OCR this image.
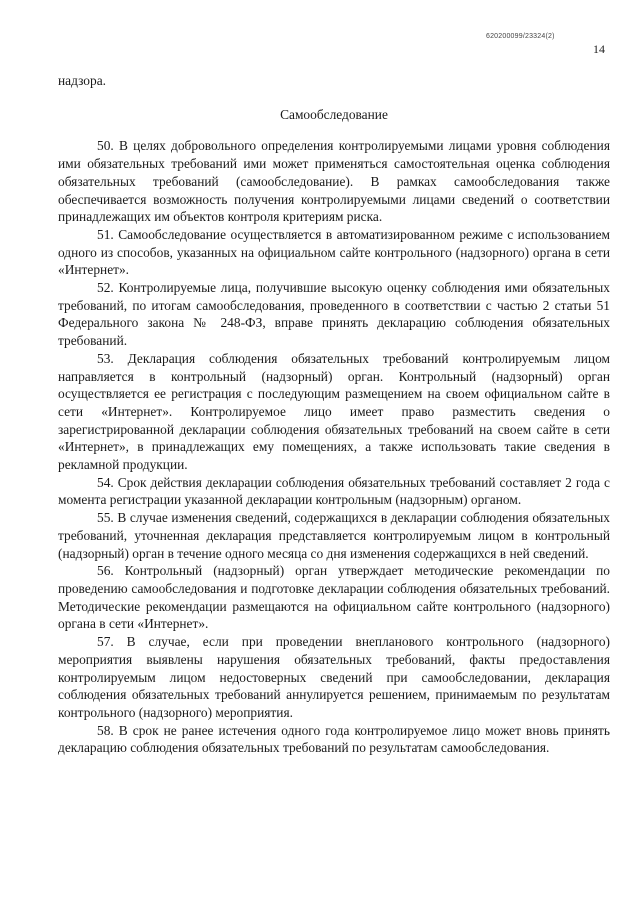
620200099/23324(2)
14

надзора.

Самообследование

50. В целях добровольного определения контролируемыми лицами уровня соблюдения ими обязательных требований ими может применяться самостоятельная оценка соблюдения обязательных требований (самообследование). В рамках самообследования также обеспечивается возможность получения контролируемыми лицами сведений о соответствии принадлежащих им объектов контроля критериям риска.

51. Самообследование осуществляется в автоматизированном режиме с использованием одного из способов, указанных на официальном сайте контрольного (надзорного) органа в сети «Интернет».

52. Контролируемые лица, получившие высокую оценку соблюдения ими обязательных требований, по итогам самообследования, проведенного в соответствии с частью 2 статьи 51 Федерального закона № 248-ФЗ, вправе принять декларацию соблюдения обязательных требований.

53. Декларация соблюдения обязательных требований контролируемым лицом направляется в контрольный (надзорный) орган. Контрольный (надзорный) орган осуществляется ее регистрация с последующим размещением на своем официальном сайте в сети «Интернет». Контролируемое лицо имеет право разместить сведения о зарегистрированной декларации соблюдения обязательных требований на своем сайте в сети «Интернет», в принадлежащих ему помещениях, а также использовать такие сведения в рекламной продукции.

54. Срок действия декларации соблюдения обязательных требований составляет 2 года с момента регистрации указанной декларации контрольным (надзорным) органом.

55. В случае изменения сведений, содержащихся в декларации соблюдения обязательных требований, уточненная декларация представляется контролируемым лицом в контрольный (надзорный) орган в течение одного месяца со дня изменения содержащихся в ней сведений.

56. Контрольный (надзорный) орган утверждает методические рекомендации по проведению самообследования и подготовке декларации соблюдения обязательных требований. Методические рекомендации размещаются на официальном сайте контрольного (надзорного) органа в сети «Интернет».

57. В случае, если при проведении внепланового контрольного (надзорного) мероприятия выявлены нарушения обязательных требований, факты предоставления контролируемым лицом недостоверных сведений при самообследовании, декларация соблюдения обязательных требований аннулируется решением, принимаемым по результатам контрольного (надзорного) мероприятия.

58. В срок не ранее истечения одного года контролируемое лицо может вновь принять декларацию соблюдения обязательных требований по результатам самообследования.
